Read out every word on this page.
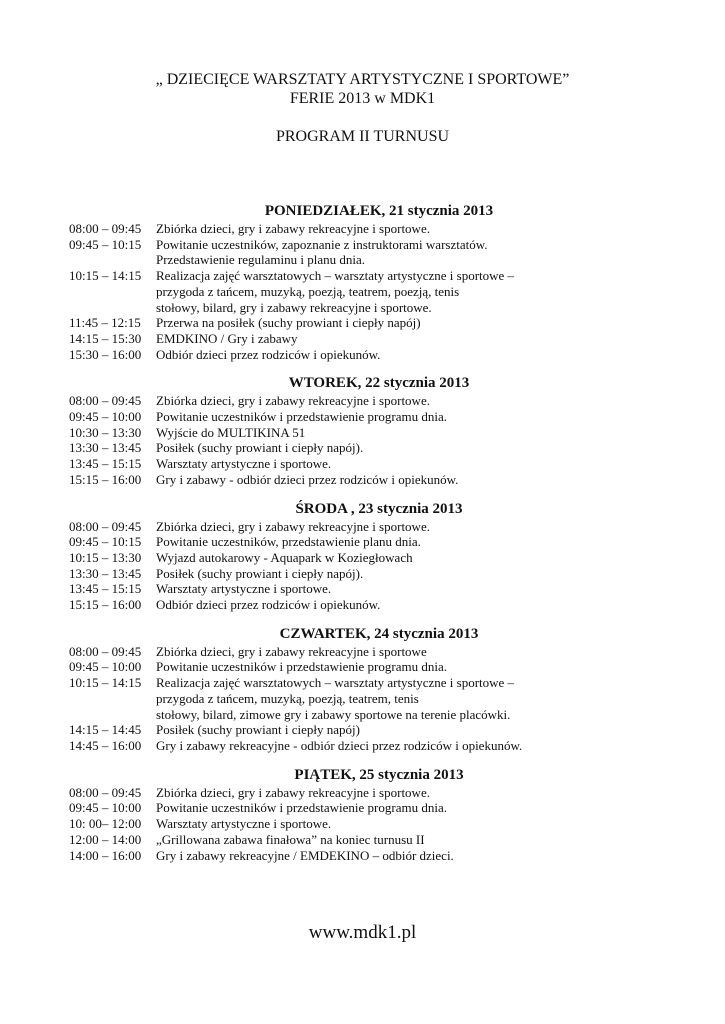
„ DZIECIĘCE WARSZTATY ARTYSTYCZNE I SPORTOWE”
FERIE 2013 w MDK1
PROGRAM II TURNUSU
PONIEDZIAŁEK, 21 stycznia 2013
08:00 – 09:45	Zbiórka dzieci, gry i zabawy rekreacyjne i sportowe.
09:45 – 10:15	Powitanie uczestników, zapoznanie z instruktorami warsztatów.
Przedstawienie regulaminu i planu dnia.
10:15 – 14:15	Realizacja zajęć warsztatowych – warsztaty artystyczne i sportowe –
przygoda z tańcem, muzyką, poezją, teatrem, poezją, tenis
stołowy, bilard, gry i zabawy rekreacyjne i sportowe.
11:45 – 12:15	Przerwa na posiłek (suchy prowiant i ciepły napój)
14:15 – 15:30	EMDKINO / Gry i zabawy
15:30 – 16:00	Odbiór dzieci przez rodziców i opiekunów.
WTOREK, 22 stycznia 2013
08:00 – 09:45	Zbiórka dzieci, gry i zabawy rekreacyjne i sportowe.
09:45 – 10:00	Powitanie uczestników i przedstawienie programu dnia.
10:30 – 13:30	Wyjście do MULTIKINA 51
13:30 – 13:45	Posiłek (suchy prowiant i ciepły napój).
13:45 – 15:15	Warsztaty artystyczne i sportowe.
15:15 – 16:00	Gry i zabawy - odbiór dzieci przez rodziców i opiekunów.
ŚRODA , 23 stycznia 2013
08:00 – 09:45	Zbiórka dzieci, gry i zabawy rekreacyjne i sportowe.
09:45 – 10:15	Powitanie uczestników, przedstawienie planu dnia.
10:15 – 13:30	Wyjazd autokarowy - Aquapark w Koziegłowach
13:30 – 13:45	Posiłek (suchy prowiant i ciepły napój).
13:45 – 15:15	Warsztaty artystyczne i sportowe.
15:15 – 16:00	Odbiór dzieci przez rodziców i opiekunów.
CZWARTEK, 24 stycznia 2013
08:00 – 09:45	Zbiórka dzieci, gry i zabawy rekreacyjne i sportowe
09:45 – 10:00	Powitanie uczestników i przedstawienie programu dnia.
10:15 – 14:15	Realizacja zajęć warsztatowych – warsztaty artystyczne i sportowe –
przygoda z tańcem, muzyką, poezją, teatrem, tenis
stołowy, bilard, zimowe gry i zabawy sportowe na terenie placówki.
14:15 – 14:45	Posiłek (suchy prowiant i ciepły napój)
14:45 – 16:00	Gry i zabawy rekreacyjne - odbiór dzieci przez rodziców i opiekunów.
PIĄTEK, 25 stycznia 2013
08:00 – 09:45	Zbiórka dzieci, gry i zabawy rekreacyjne i sportowe.
09:45 – 10:00	Powitanie uczestników i przedstawienie programu dnia.
10: 00– 12:00	Warsztaty artystyczne i sportowe.
12:00 – 14:00	„Grillowana zabawa finałowa” na koniec turnusu II
14:00 – 16:00	Gry i zabawy rekreacyjne / EMDEKINO – odbiór dzieci.
www.mdk1.pl
